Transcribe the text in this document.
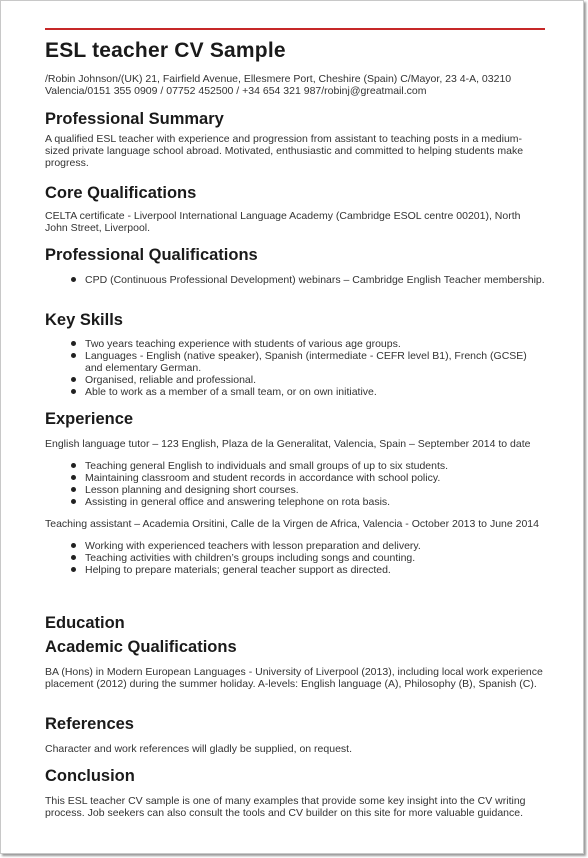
ESL teacher CV Sample
/Robin Johnson/(UK) 21, Fairfield Avenue, Ellesmere Port, Cheshire (Spain) C/Mayor, 23 4-A, 03210 Valencia/0151 355 0909 / 07752 452500 / +34 654 321 987/robinj@greatmail.com
Professional Summary

A qualified ESL teacher with experience and progression from assistant to teaching posts in a medium-sized private language school abroad. Motivated, enthusiastic and committed to helping students make progress.

Core Qualifications

CELTA certificate - Liverpool International Language Academy (Cambridge ESOL centre 00201), North John Street, Liverpool.

Professional Qualifications
CPD (Continuous Professional Development) webinars – Cambridge English Teacher membership.
Key Skills
Two years teaching experience with students of various age groups.
Languages - English (native speaker), Spanish (intermediate - CEFR level B1), French (GCSE) and elementary German.
Organised, reliable and professional.
Able to work as a member of a small team, or on own initiative.
Experience

English language tutor – 123 English, Plaza de la Generalitat, Valencia, Spain – September 2014 to date

Teaching general English to individuals and small groups of up to six students.
Maintaining classroom and student records in accordance with school policy.
Lesson planning and designing short courses.
Assisting in general office and answering telephone on rota basis.

Teaching assistant – Academia Orsitini, Calle de la Virgen de Africa, Valencia - October 2013 to June 2014

Working with experienced teachers with lesson preparation and delivery.
Teaching activities with children’s groups including songs and counting.
Helping to prepare materials; general teacher support as directed.
Education
Academic Qualifications

BA (Hons) in Modern European Languages - University of Liverpool (2013), including local work experience placement (2012) during the summer holiday. A-levels: English language (A), Philosophy (B), Spanish (C).

References

Character and work references will gladly be supplied, on request.

Conclusion

This ESL teacher CV sample is one of many examples that provide some key insight into the CV writing process. Job seekers can also consult the tools and CV builder on this site for more valuable guidance.
